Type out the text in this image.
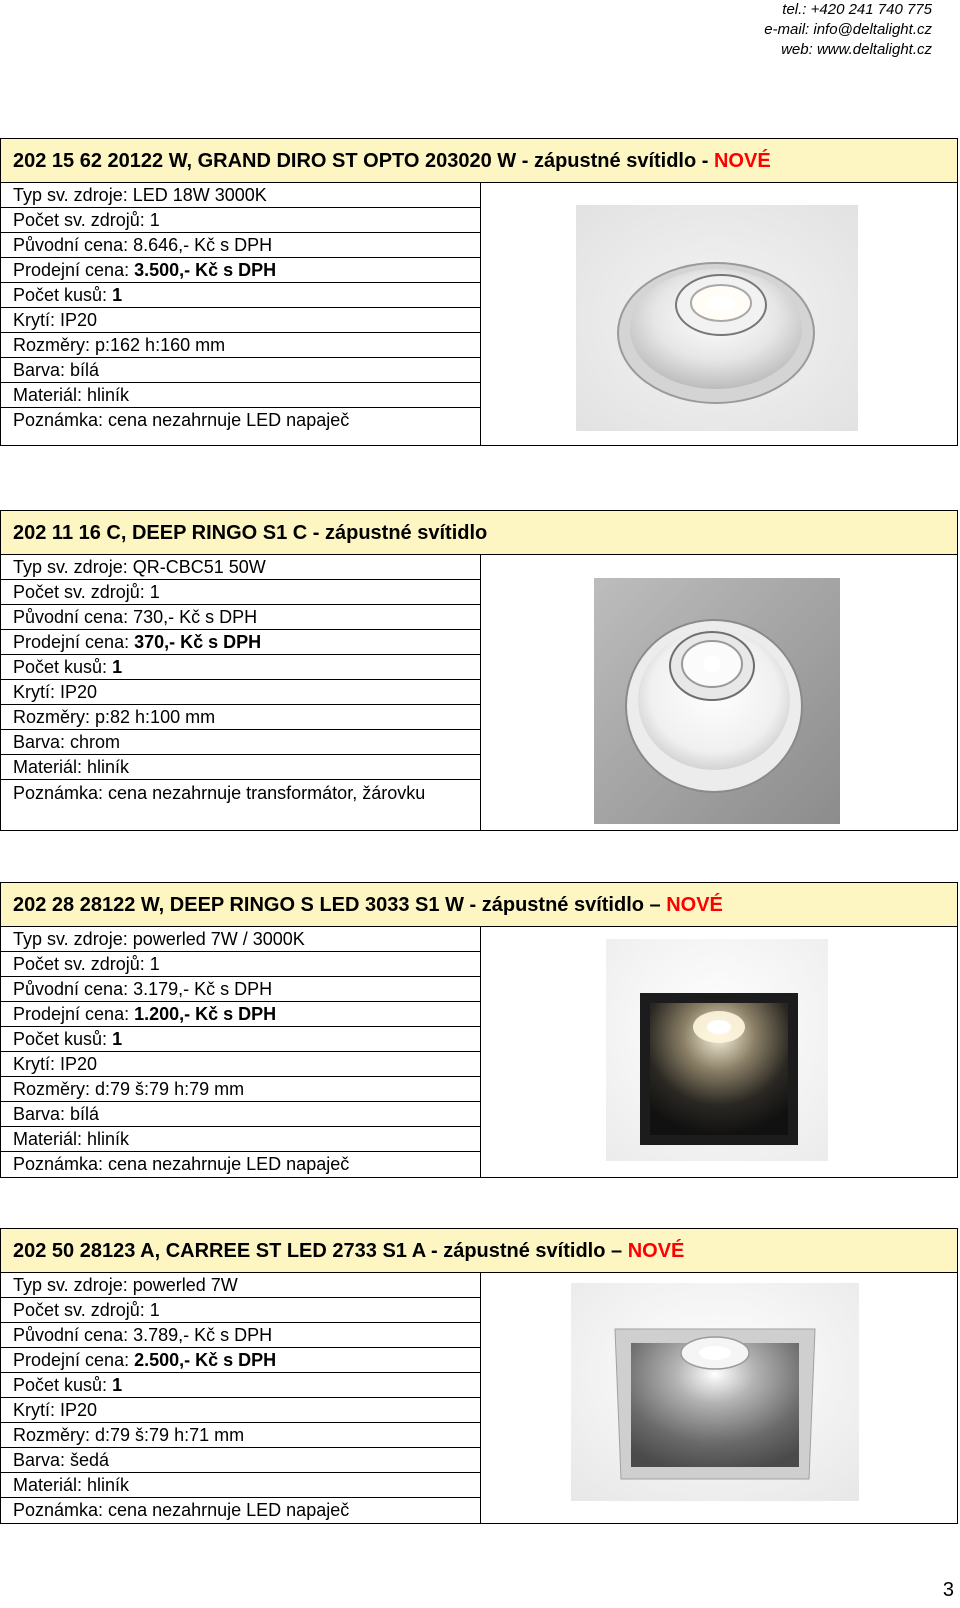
tel.: +420 241 740 775
e-mail: info@deltalight.cz
web: www.deltalight.cz
202 15 62 20122 W, GRAND DIRO ST OPTO 203020 W - zápustné svítidlo - NOVÉ
Typ sv. zdroje: LED 18W 3000K
Počet sv. zdrojů: 1
Původní cena: 8.646,- Kč s DPH
Prodejní cena: 3.500,- Kč s DPH
Počet kusů: 1
Krytí: IP20
Rozměry: p:162 h:160 mm
Barva: bílá
Materiál: hliník
Poznámka: cena nezahrnuje LED napaječ
202 11 16 C, DEEP RINGO S1 C - zápustné svítidlo
Typ sv. zdroje: QR-CBC51 50W
Počet sv. zdrojů: 1
Původní cena: 730,- Kč s DPH
Prodejní cena: 370,- Kč s DPH
Počet kusů: 1
Krytí: IP20
Rozměry: p:82 h:100 mm
Barva: chrom
Materiál: hliník
Poznámka: cena nezahrnuje transformátor, žárovku
202 28 28122 W, DEEP RINGO S LED 3033 S1 W - zápustné svítidlo – NOVÉ
Typ sv. zdroje: powerled 7W / 3000K
Počet sv. zdrojů: 1
Původní cena: 3.179,- Kč s DPH
Prodejní cena: 1.200,- Kč s DPH
Počet kusů: 1
Krytí: IP20
Rozměry: d:79 š:79 h:79 mm
Barva: bílá
Materiál: hliník
Poznámka: cena nezahrnuje LED napaječ
202 50 28123 A, CARREE ST LED 2733 S1 A - zápustné svítidlo – NOVÉ
Typ sv. zdroje: powerled 7W
Počet sv. zdrojů: 1
Původní cena: 3.789,- Kč s DPH
Prodejní cena: 2.500,- Kč s DPH
Počet kusů: 1
Krytí: IP20
Rozměry: d:79 š:79 h:71 mm
Barva: šedá
Materiál: hliník
Poznámka: cena nezahrnuje LED napaječ
3
